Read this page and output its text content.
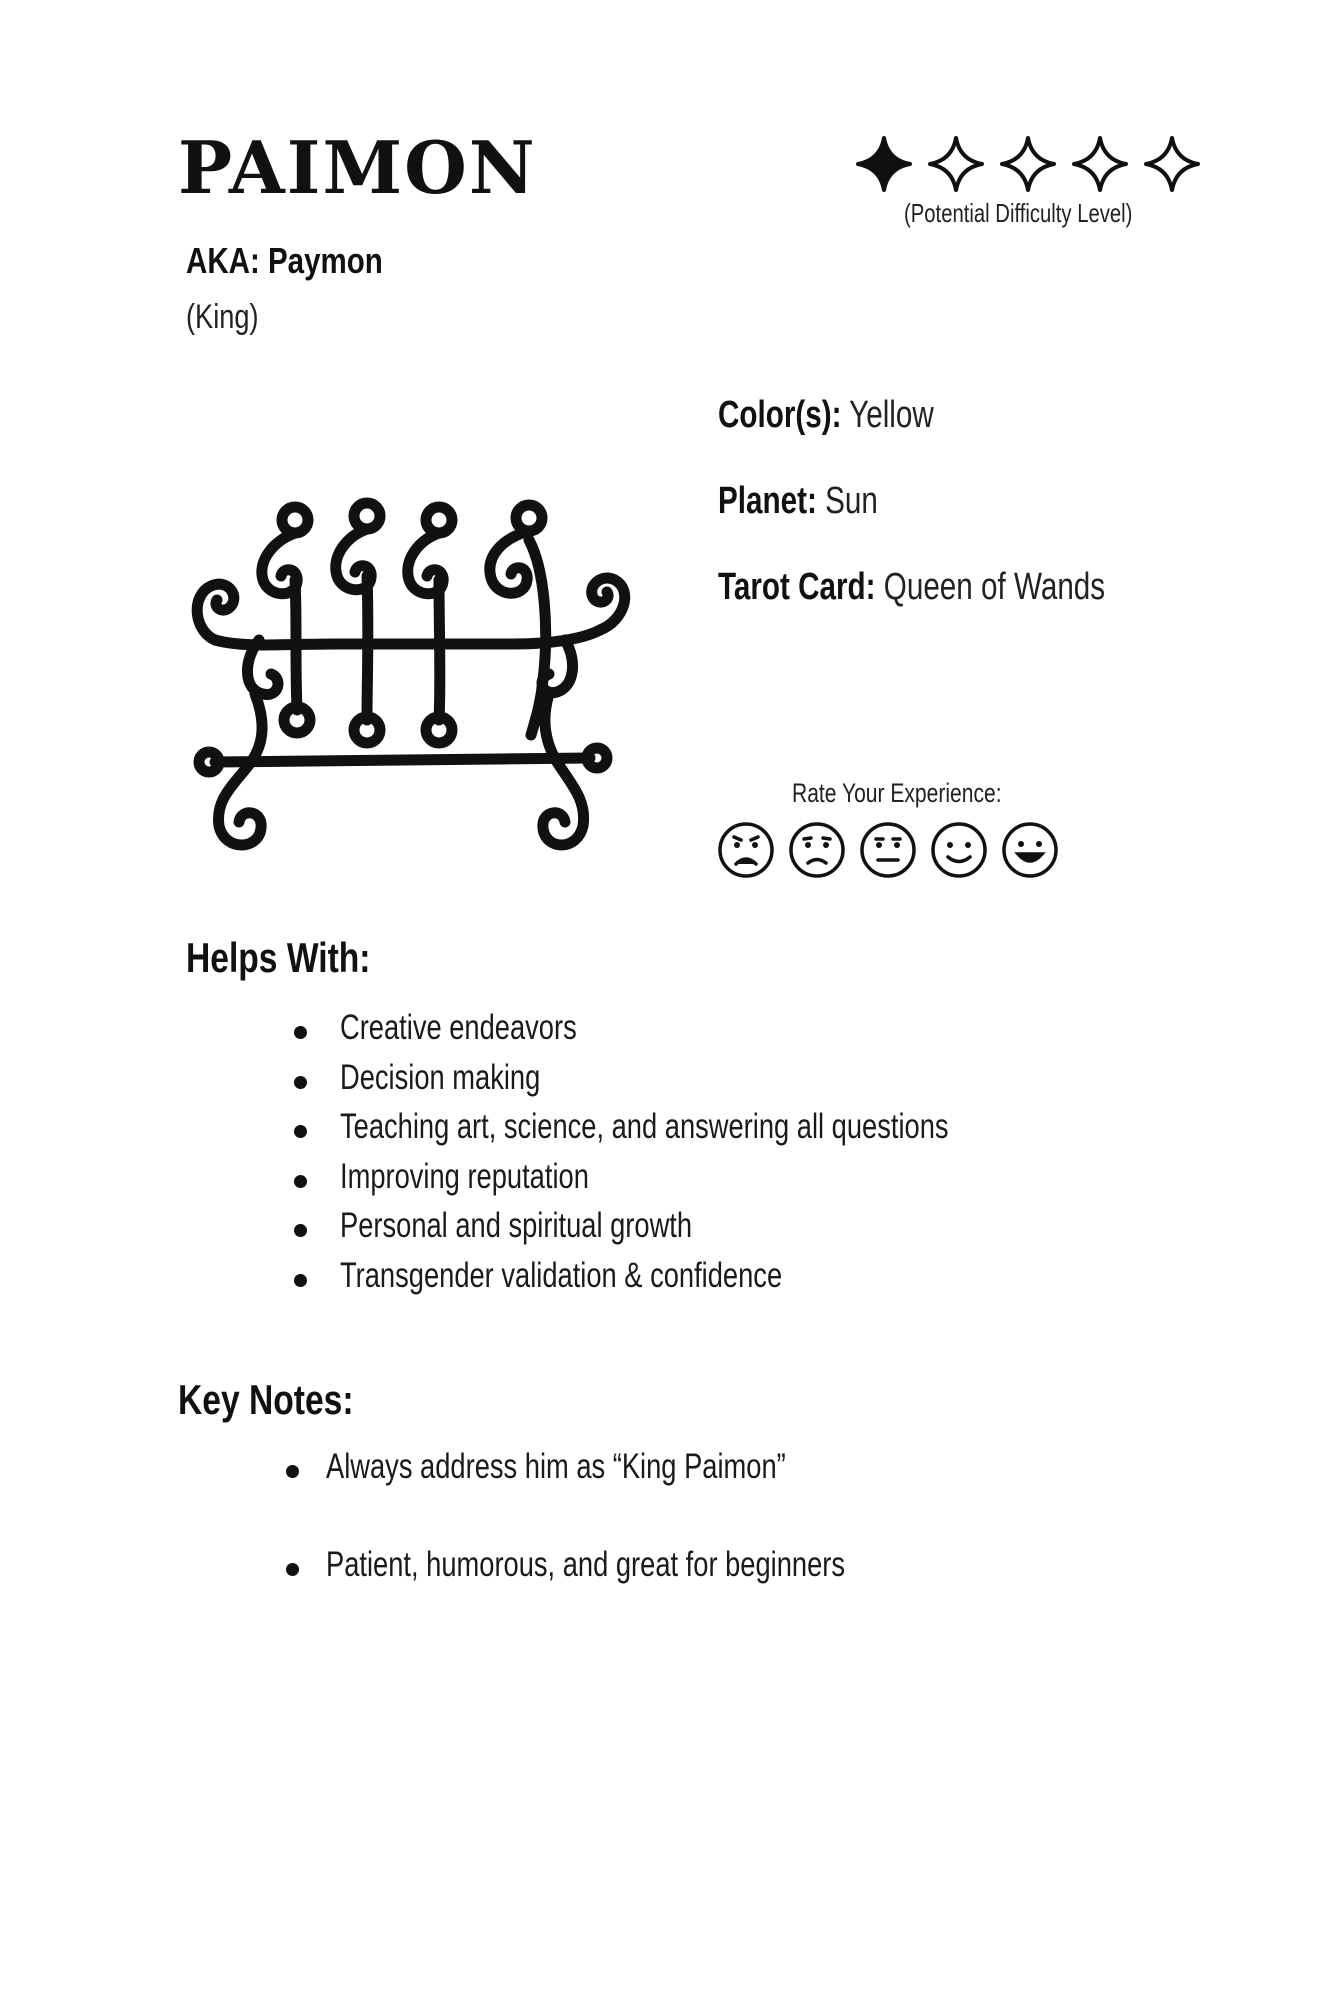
PAIMON
AKA: Paymon
(King)
(Potential Difficulty Level)
Color(s): Yellow
Planet: Sun
Tarot Card: Queen of Wands
Rate Your Experience:
Helps With:
Creative endeavors
Decision making
Teaching art, science, and answering all questions
Improving reputation
Personal and spiritual growth
Transgender validation & confidence
Key Notes:
Always address him as “King Paimon”
Patient, humorous, and great for beginners
